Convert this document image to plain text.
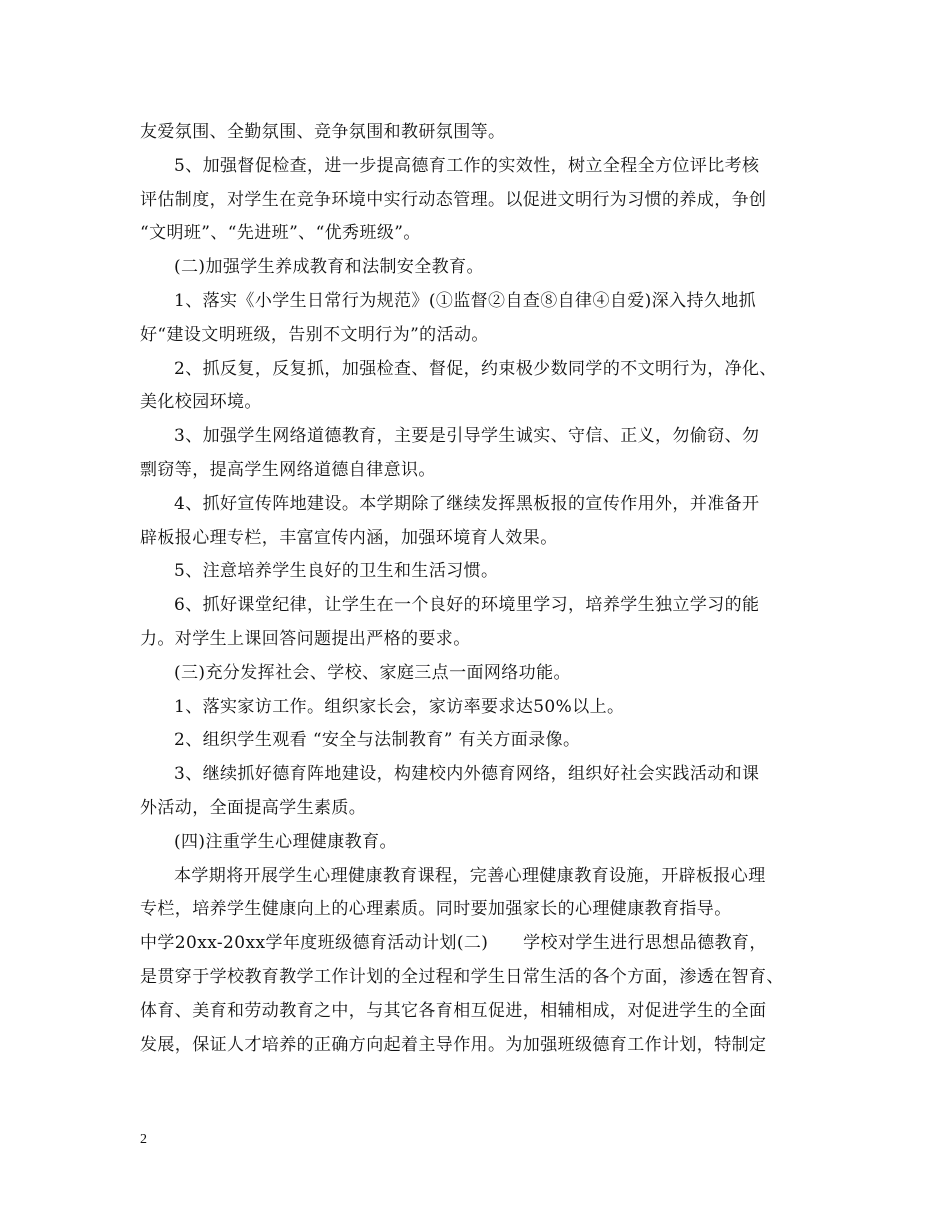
友爱氛围、全勤氛围、竞争氛围和教研氛围等。
5、加强督促检查，进一步提高德育工作的实效性，树立全程全方位评比考核
评估制度，对学生在竞争环境中实行动态管理。以促进文明行为习惯的养成，争创
“文明班”、“先进班”、“优秀班级”。
(二)加强学生养成教育和法制安全教育。
1、落实《小学生日常行为规范》(①监督②自查⑧自律④自爱)深入持久地抓
好“建设文明班级，告别不文明行为”的活动。
2、抓反复，反复抓，加强检查、督促，约束极少数同学的不文明行为，净化、
美化校园环境。
3、加强学生网络道德教育，主要是引导学生诚实、守信、正义，勿偷窃、勿
剽窃等，提高学生网络道德自律意识。
4、抓好宣传阵地建设。本学期除了继续发挥黑板报的宣传作用外，并准备开
辟板报心理专栏，丰富宣传内涵，加强环境育人效果。
5、注意培养学生良好的卫生和生活习惯。
6、抓好课堂纪律，让学生在一个良好的环境里学习，培养学生独立学习的能
力。对学生上课回答问题提出严格的要求。
(三)充分发挥社会、学校、家庭三点一面网络功能。
1、落实家访工作。组织家长会，家访率要求达50%以上。
2、组织学生观看 “安全与法制教育” 有关方面录像。
3、继续抓好德育阵地建设，构建校内外德育网络，组织好社会实践活动和课
外活动，全面提高学生素质。
(四)注重学生心理健康教育。
本学期将开展学生心理健康教育课程，完善心理健康教育设施，开辟板报心理
专栏，培养学生健康向上的心理素质。同时要加强家长的心理健康教育指导。
中学20xx-20xx学年度班级德育活动计划(二)　　学校对学生进行思想品德教育，
是贯穿于学校教育教学工作计划的全过程和学生日常生活的各个方面，渗透在智育、
体育、美育和劳动教育之中，与其它各育相互促进，相辅相成，对促进学生的全面
发展，保证人才培养的正确方向起着主导作用。为加强班级德育工作计划，特制定
2
